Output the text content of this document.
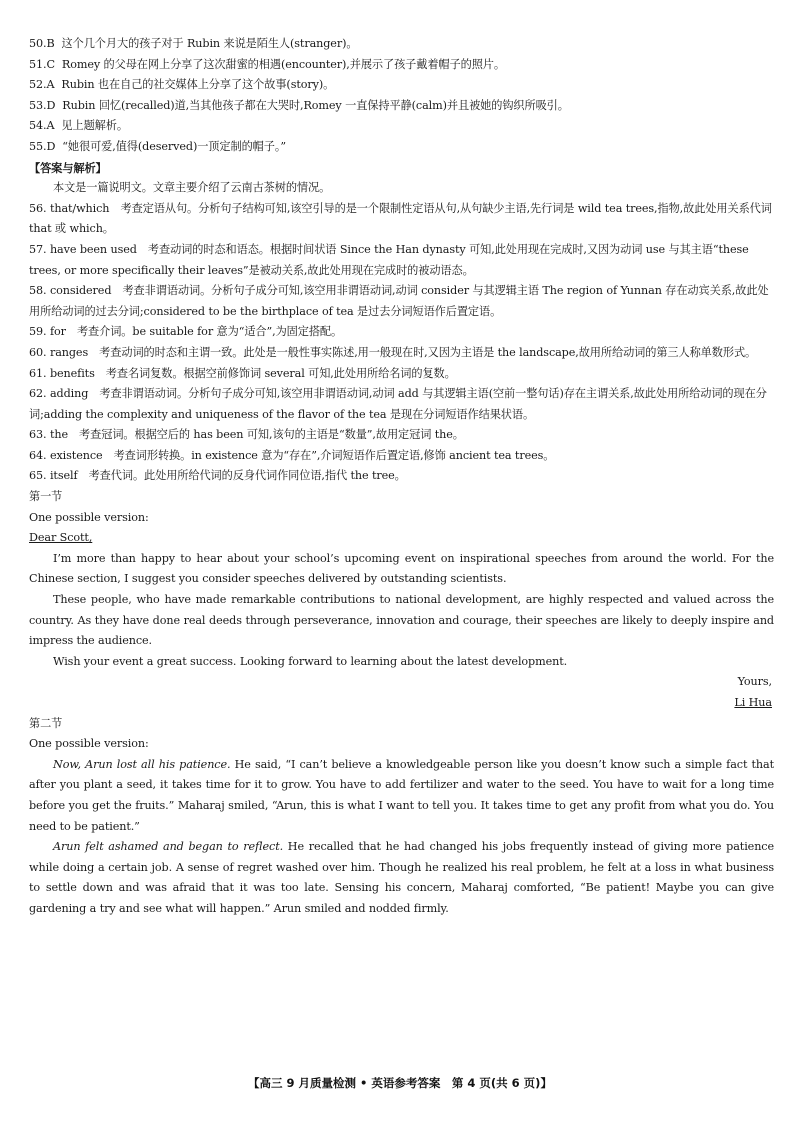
50.B 这个几个月大的孩子对于 Rubin 来说是陌生人(stranger)。
51.C Romey 的父母在网上分享了这次甜蜜的相遇(encounter),并展示了孩子戴着帽子的照片。
52.A Rubin 也在自己的社交媒体上分享了这个故事(story)。
53.D Rubin 回忆(recalled)道,当其他孩子都在大哭时,Romey 一直保持平静(calm)并且被她的钩织所吸引。
54.A 见上题解析。
55.D “她很可爱,值得(deserved)一顶定制的帽子。”
【答案与解析】
本文是一篇说明文。文章主要介绍了云南古茶树的情况。
56. that/which　考查定语从句。分析句子结构可知,该空引导的是一个限制性定语从句,从句缺少主语,先行词是 wild tea trees,指物,故此处用关系代词 that 或 which。
57. have been used　考查动词的时态和语态。根据时间状语 Since the Han dynasty 可知,此处用现在完成时,又因为动词 use 与其主语“these trees, or more specifically their leaves”是被动关系,故此处用现在完成时的被动语态。
58. considered　考查非谓语动词。分析句子成分可知,该空用非谓语动词,动词 consider 与其逻辑主语 The region of Yunnan 存在动宾关系,故此处用所给动词的过去分词;considered to be the birthplace of tea 是过去分词短语作后置定语。
59. for　考查介词。be suitable for 意为“适合”,为固定搭配。
60. ranges　考查动词的时态和主谓一致。此处是一般性事实陈述,用一般现在时,又因为主语是 the landscape,故用所给动词的第三人称单数形式。
61. benefits　考查名词复数。根据空前修饰词 several 可知,此处用所给名词的复数。
62. adding　考查非谓语动词。分析句子成分可知,该空用非谓语动词,动词 add 与其逻辑主语(空前一整句话)存在主谓关系,故此处用所给动词的现在分词;adding the complexity and uniqueness of the flavor of the tea 是现在分词短语作结果状语。
63. the　考查冠词。根据空后的 has been 可知,该句的主语是“数量”,故用定冠词 the。
64. existence　考查词形转换。in existence 意为“存在”,介词短语作后置定语,修饰 ancient tea trees。
65. itself　考查代词。此处用所给代词的反身代词作同位语,指代 the tree。
第一节
One possible version:
Dear Scott,
I’m more than happy to hear about your school’s upcoming event on inspirational speeches from around the world. For the Chinese section, I suggest you consider speeches delivered by outstanding scientists.
These people, who have made remarkable contributions to national development, are highly respected and valued across the country. As they have done real deeds through perseverance, innovation and courage, their speeches are likely to deeply inspire and impress the audience.
Wish your event a great success. Looking forward to learning about the latest development.
Yours,
Li Hua
第二节
One possible version:
Now, Arun lost all his patience. He said, “I can’t believe a knowledgeable person like you doesn’t know such a simple fact that after you plant a seed, it takes time for it to grow. You have to add fertilizer and water to the seed. You have to wait for a long time before you get the fruits.” Maharaj smiled, “Arun, this is what I want to tell you. It takes time to get any profit from what you do. You need to be patient.”
Arun felt ashamed and began to reflect. He recalled that he had changed his jobs frequently instead of giving more patience while doing a certain job. A sense of regret washed over him. Though he realized his real problem, he felt at a loss in what business to settle down and was afraid that it was too late. Sensing his concern, Maharaj comforted, “Be patient! Maybe you can give gardening a try and see what will happen.” Arun smiled and nodded firmly.
【高三 9 月质量检测 • 英语参考答案　第 4 页(共 6 页)】
